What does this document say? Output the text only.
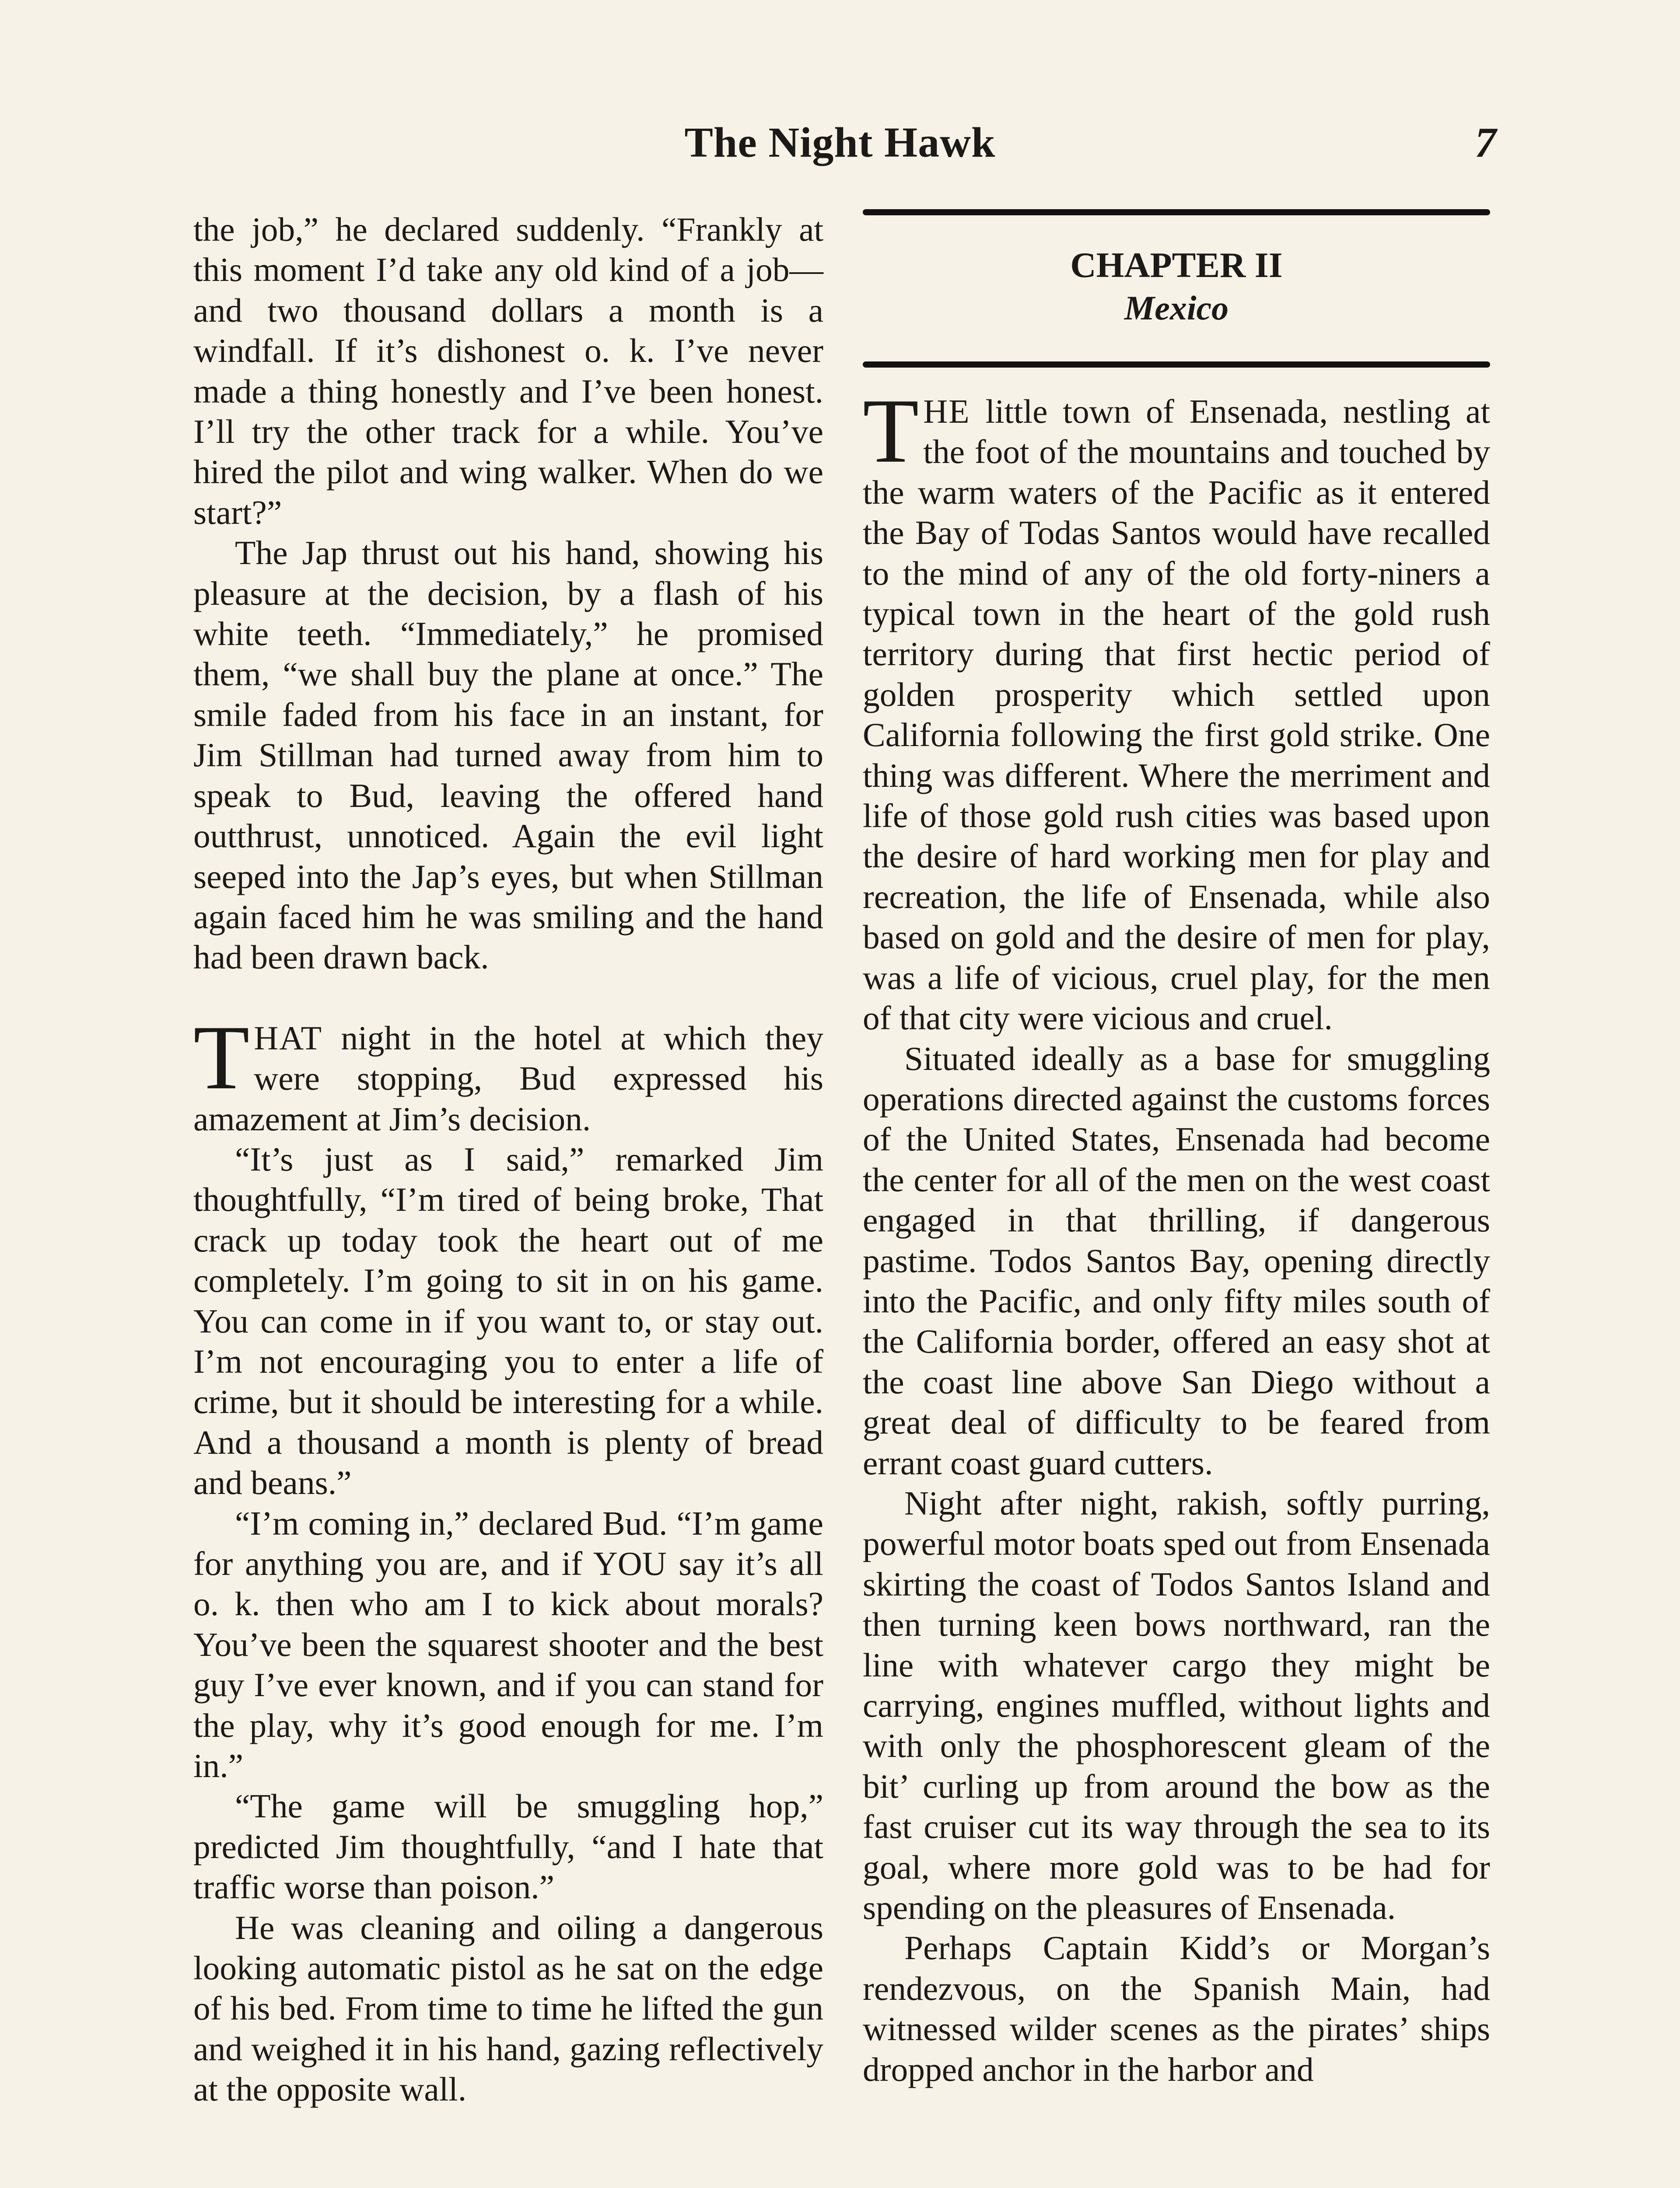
The Night Hawk	7

the job,” he declared suddenly. “Frankly at this moment I’d take any old kind of a job—and two thousand dollars a month is a windfall. If it’s dishonest o. k. I’ve never made a thing honestly and I’ve been honest. I’ll try the other track for a while. You’ve hired the pilot and wing walker. When do we start?”

The Jap thrust out his hand, showing his pleasure at the decision, by a flash of his white teeth. “Immediately,” he promised them, “we shall buy the plane at once.” The smile faded from his face in an instant, for Jim Stillman had turned away from him to speak to Bud, leaving the offered hand outthrust, unnoticed. Again the evil light seeped into the Jap’s eyes, but when Stillman again faced him he was smiling and the hand had been drawn back.

THAT night in the hotel at which they were stopping, Bud expressed his amazement at Jim’s decision.

“It’s just as I said,” remarked Jim thoughtfully, “I’m tired of being broke, That crack up today took the heart out of me completely. I’m going to sit in on his game. You can come in if you want to, or stay out. I’m not encouraging you to enter a life of crime, but it should be interesting for a while. And a thousand a month is plenty of bread and beans.”

“I’m coming in,” declared Bud. “I’m game for anything you are, and if YOU say it’s all o. k. then who am I to kick about morals? You’ve been the squarest shooter and the best guy I’ve ever known, and if you can stand for the play, why it’s good enough for me. I’m in.”

“The game will be smuggling hop,” predicted Jim thoughtfully, “and I hate that traffic worse than poison.”

He was cleaning and oiling a dangerous looking automatic pistol as he sat on the edge of his bed. From time to time he lifted the gun and weighed it in his hand, gazing reflectively at the opposite wall.

CHAPTER II
Mexico

THE little town of Ensenada, nestling at the foot of the mountains and touched by the warm waters of the Pacific as it entered the Bay of Todas Santos would have recalled to the mind of any of the old forty-niners a typical town in the heart of the gold rush territory during that first hectic period of golden prosperity which settled upon California following the first gold strike. One thing was different. Where the merriment and life of those gold rush cities was based upon the desire of hard working men for play and recreation, the life of Ensenada, while also based on gold and the desire of men for play, was a life of vicious, cruel play, for the men of that city were vicious and cruel.

Situated ideally as a base for smuggling operations directed against the customs forces of the United States, Ensenada had become the center for all of the men on the west coast engaged in that thrilling, if dangerous pastime. Todos Santos Bay, opening directly into the Pacific, and only fifty miles south of the California border, offered an easy shot at the coast line above San Diego without a great deal of difficulty to be feared from errant coast guard cutters.

Night after night, rakish, softly purring, powerful motor boats sped out from Ensenada skirting the coast of Todos Santos Island and then turning keen bows northward, ran the line with whatever cargo they might be carrying, engines muffled, without lights and with only the phosphorescent gleam of the bit’ curling up from around the bow as the fast cruiser cut its way through the sea to its goal, where more gold was to be had for spending on the pleasures of Ensenada.

Perhaps Captain Kidd’s or Morgan’s rendezvous, on the Spanish Main, had witnessed wilder scenes as the pirates’ ships dropped anchor in the harbor and
